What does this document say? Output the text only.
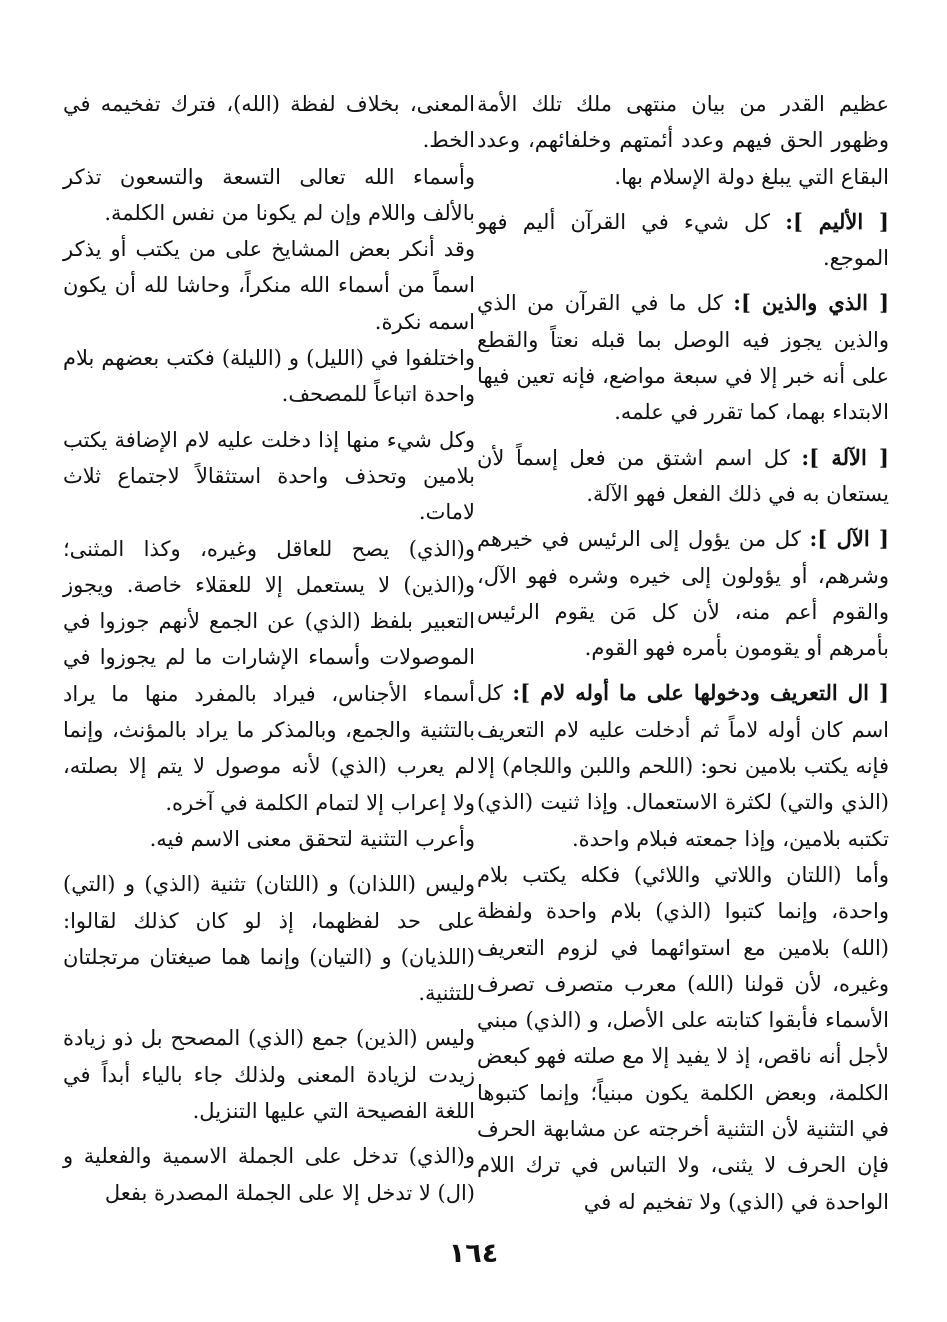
عظيم القدر من بيان منتهى ملك تلك الأمة وظهور الحق فيهم وعدد أئمتهم وخلفائهم، وعدد البقاع التي يبلغ دولة الإسلام بها.

[ الأليم ]: كل شيء في القرآن أليم فهو الموجع.

[ الذي والذين ]: كل ما في القرآن من الذي والذين يجوز فيه الوصل بما قبله نعتاً والقطع على أنه خبر إلا في سبعة مواضع، فإنه تعين فيها الابتداء بهما، كما تقرر في علمه.

[ الآلة ]: كل اسم اشتق من فعل إسماً لأن يستعان به في ذلك الفعل فهو الآلة.

[ الآل ]: كل من يؤول إلى الرئيس في خيرهم وشرهم، أو يؤولون إلى خيره وشره فهو الآل، والقوم أعم منه، لأن كل مَن يقوم الرئيس بأمرهم أو يقومون بأمره فهو القوم.

[ ال التعريف ودخولها على ما أوله لام ]: كل اسم كان أوله لاماً ثم أدخلت عليه لام التعريف فإنه يكتب بلامين نحو: (اللحم واللبن واللجام) إلا (الذي والتي) لكثرة الاستعمال. وإذا ثنيت (الذي) تكتبه بلامين، وإذا جمعته فبلام واحدة.

وأما (اللتان واللاتي واللائي) فكله يكتب بلام واحدة، وإنما كتبوا (الذي) بلام واحدة ولفظة (الله) بلامين مع استوائهما في لزوم التعريف وغيره، لأن قولنا (الله) معرب متصرف تصرف الأسماء فأبقوا كتابته على الأصل، و (الذي) مبني لأجل أنه ناقص، إذ لا يفيد إلا مع صلته فهو كبعض الكلمة، وبعض الكلمة يكون مبنياً؛ وإنما كتبوها في التثنية لأن التثنية أخرجته عن مشابهة الحرف فإن الحرف لا يثنى، ولا التباس في ترك اللام الواحدة في (الذي) ولا تفخيم له في

المعنى، بخلاف لفظة (الله)، فترك تفخيمه في الخط.

وأسماء الله تعالى التسعة والتسعون تذكر بالألف واللام وإن لم يكونا من نفس الكلمة.

وقد أنكر بعض المشايخ على من يكتب أو يذكر اسماً من أسماء الله منكراً، وحاشا لله أن يكون اسمه نكرة.

واختلفوا في (الليل) و (الليلة) فكتب بعضهم بلام واحدة اتباعاً للمصحف.

وكل شيء منها إذا دخلت عليه لام الإضافة يكتب بلامين وتحذف واحدة استثقالاً لاجتماع ثلاث لامات.

و(الذي) يصح للعاقل وغيره، وكذا المثنى؛ و(الذين) لا يستعمل إلا للعقلاء خاصة. ويجوز التعبير بلفظ (الذي) عن الجمع لأنهم جوزوا في الموصولات وأسماء الإشارات ما لم يجوزوا في أسماء الأجناس، فيراد بالمفرد منها ما يراد بالتثنية والجمع، وبالمذكر ما يراد بالمؤنث، وإنما لم يعرب (الذي) لأنه موصول لا يتم إلا بصلته، ولا إعراب إلا لتمام الكلمة في آخره.

وأعرب التثنية لتحقق معنى الاسم فيه.

وليس (اللذان) و (اللتان) تثنية (الذي) و (التي) على حد لفظهما، إذ لو كان كذلك لقالوا: (اللذيان) و (التيان) وإنما هما صيغتان مرتجلتان للتثنية.

وليس (الذين) جمع (الذي) المصحح بل ذو زيادة زيدت لزيادة المعنى ولذلك جاء بالياء أبداً في اللغة الفصيحة التي عليها التنزيل.

و(الذي) تدخل على الجملة الاسمية والفعلية و (ال) لا تدخل إلا على الجملة المصدرة بفعل

١٦٤
